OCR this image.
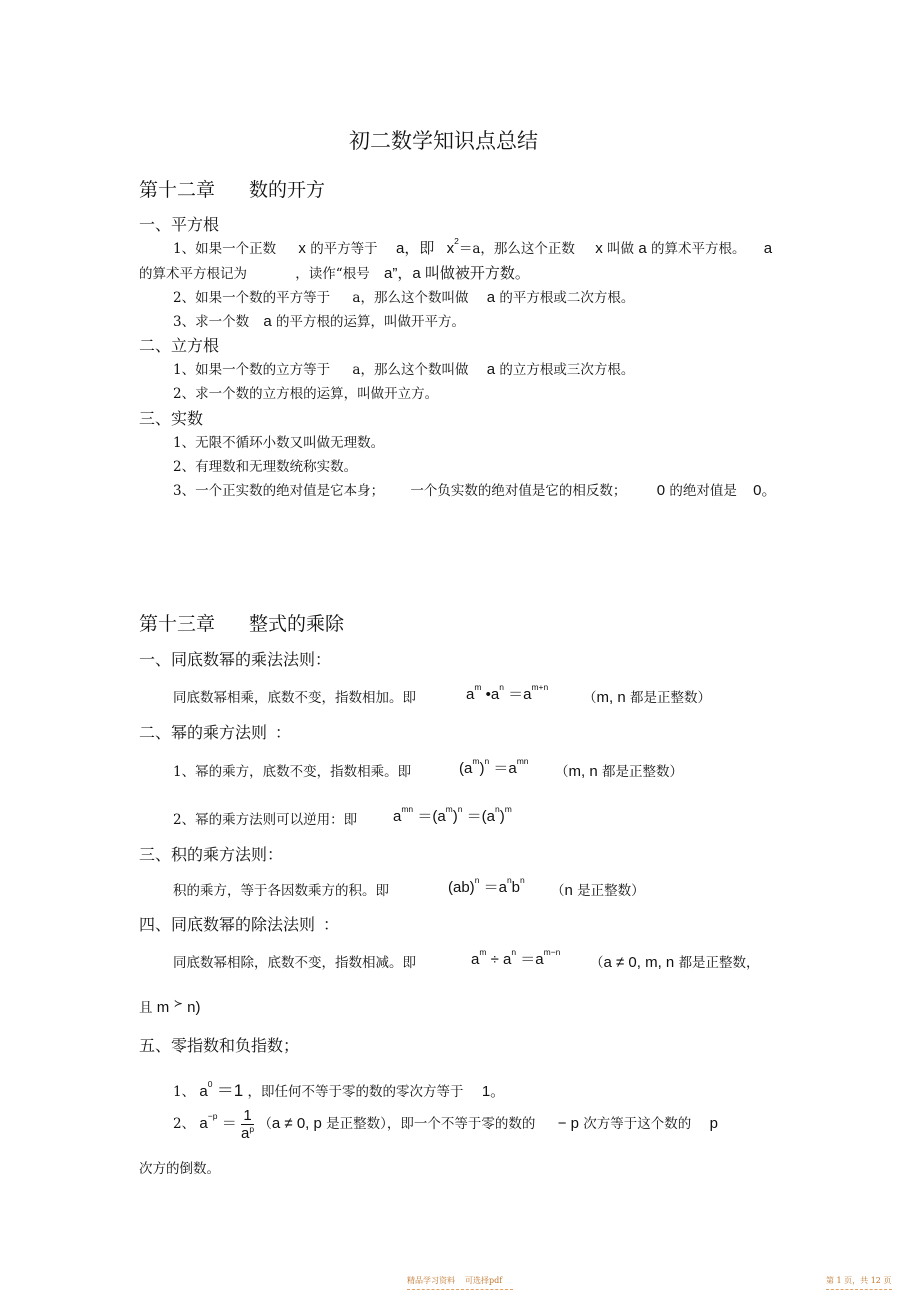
初二数学知识点总结
第十二章 数的开方
一、平方根
1、如果一个正数 x 的平方等于 a，即 $x^2=a$，那么这个正数 x 叫做 a 的算术平方根。 a
的算术平方根记为	，读作“根号 a”，a 叫做被开方数。
2、如果一个数的平方等于 a，那么这个数叫做 a 的平方根或二次方根。
3、求一个数 a 的平方根的运算，叫做开平方。
二、立方根
1、如果一个数的立方等于 a，那么这个数叫做 a 的立方根或三次方根。
2、求一个数的立方根的运算，叫做开立方。
三、实数
1、无限不循环小数又叫做无理数。
2、有理数和无理数统称实数。
3、一个正实数的绝对值是它本身； 一个负实数的绝对值是它的相反数； 0 的绝对值是 0。
第十三章 整式的乘除
一、同底数幂的乘法法则：
同底数幂相乘，底数不变，指数相加。即	$a^m$ $•a^n =a^{m+n}$
（m, n 都是正整数）
二、幂的乘方法则 ：
1、幂的乘方，底数不变，指数相乘。即	$(a^m)^n =a^{mn}$
（m, n 都是正整数）
2、幂的乘方法则可以逆用：即 $a^{mn} =(a^m)^n =(a^n)^m$
三、积的乘方法则：
积的乘方，等于各因数乘方的积。即	$(ab)^n =a^nb^n$
（n 是正整数）
四、同底数幂的除法法则 ：
同底数幂相除，底数不变，指数相减。即	$a^m \div a^n =a^{m-n}$
（a ≠ 0, m, n 都是正整数，
且 m ≻ n)
五、零指数和负指数；
1、 $a^0 =1$ ，即任何不等于零的数的零次方等于 1。
2、 $a^{-p} = \frac{1}{a^p} (a \ne 0$, p 是正整数），即一个不等于零的数的 − p 次方等于这个数的 p
次方的倒数。
精品学习资料 可选择pdf	第 1 页，共 12 页
